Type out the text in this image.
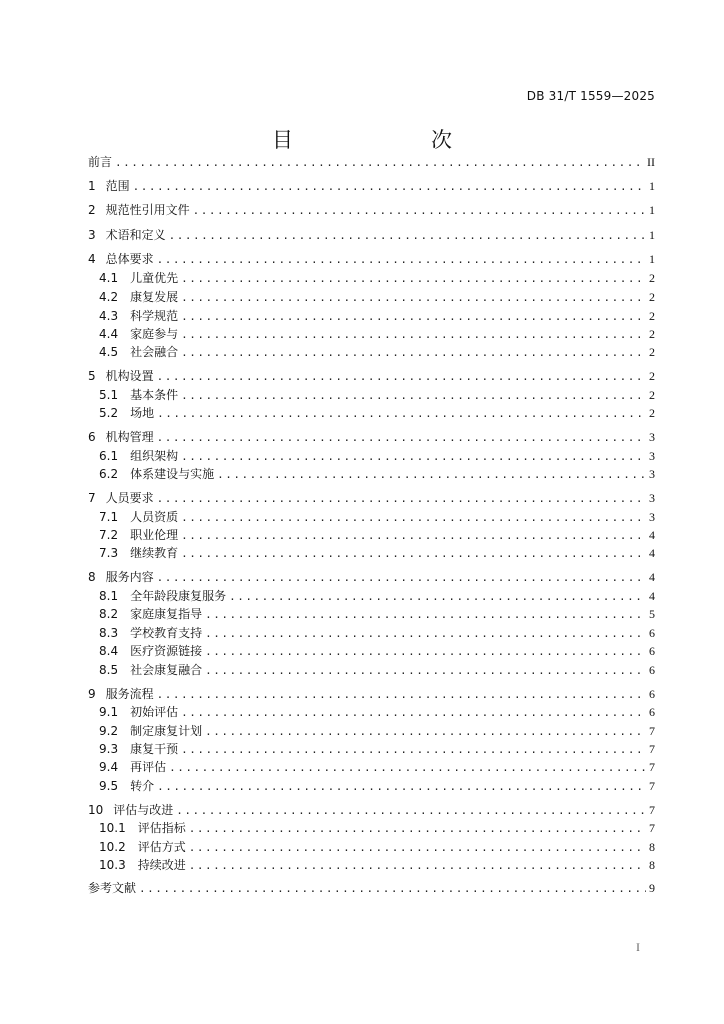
DB 31/T 1559—2025
目　　次
前言 .....	II
1 范围 .....	1
2 规范性引用文件 .....	1
3 术语和定义 .....	1
4 总体要求 .....	1
4.1 儿童优先 .....	2
4.2 康复发展 .....	2
4.3 科学规范 .....	2
4.4 家庭参与 .....	2
4.5 社会融合 .....	2
5 机构设置 .....	2
5.1 基本条件 .....	2
5.2 场地 .....	2
6 机构管理 .....	3
6.1 组织架构 .....	3
6.2 体系建设与实施 .....	3
7 人员要求 .....	3
7.1 人员资质 .....	3
7.2 职业伦理 .....	4
7.3 继续教育 .....	4
8 服务内容 .....	4
8.1 全年龄段康复服务 .....	4
8.2 家庭康复指导 .....	5
8.3 学校教育支持 .....	6
8.4 医疗资源链接 .....	6
8.5 社会康复融合 .....	6
9 服务流程 .....	6
9.1 初始评估 .....	6
9.2 制定康复计划 .....	7
9.3 康复干预 .....	7
9.4 再评估 .....	7
9.5 转介 .....	7
10 评估与改进 .....	7
10.1 评估指标 .....	7
10.2 评估方式 .....	8
10.3 持续改进 .....	8
参考文献 .....	9
I
